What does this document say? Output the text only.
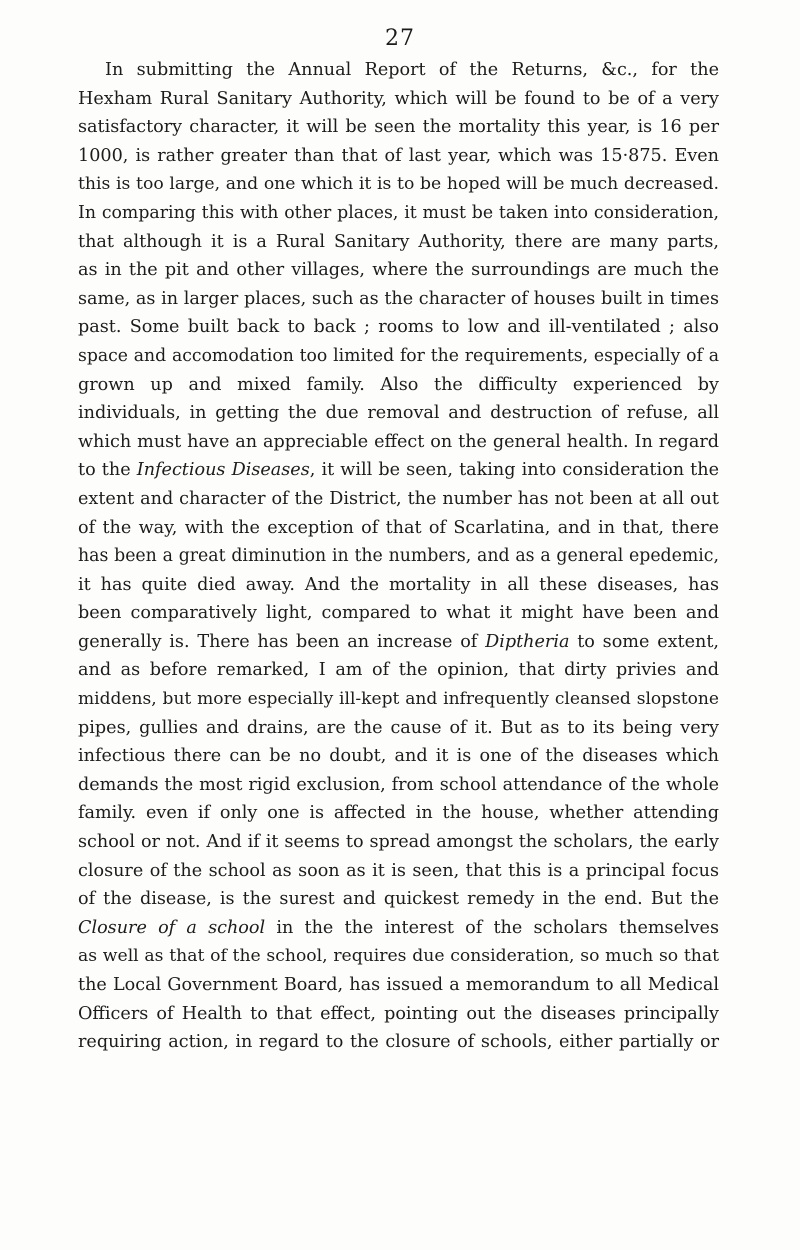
27
In submitting the Annual Report of the Returns, &c., for the
Hexham Rural Sanitary Authority, which will be found to be of a very
satisfactory character, it will be seen the mortality this year, is 16 per
1000, is rather greater than that of last year, which was 15·875. Even
this is too large, and one which it is to be hoped will be much decreased.
In comparing this with other places, it must be taken into consideration,
that although it is a Rural Sanitary Authority, there are many parts,
as in the pit and other villages, where the surroundings are much the
same, as in larger places, such as the character of houses built in times
past. Some built back to back ; rooms to low and ill-ventilated ; also
space and accomodation too limited for the requirements, especially of a
grown up and mixed family. Also the difficulty experienced by
individuals, in getting the due removal and destruction of refuse, all
which must have an appreciable effect on the general health. In regard
to the Infectious Diseases, it will be seen, taking into consideration the
extent and character of the District, the number has not been at all out
of the way, with the exception of that of Scarlatina, and in that, there
has been a great diminution in the numbers, and as a general epedemic,
it has quite died away. And the mortality in all these diseases, has
been comparatively light, compared to what it might have been and
generally is. There has been an increase of Diptheria to some extent,
and as before remarked, I am of the opinion, that dirty privies and
middens, but more especially ill-kept and infrequently cleansed slopstone
pipes, gullies and drains, are the cause of it. But as to its being very
infectious there can be no doubt, and it is one of the diseases which
demands the most rigid exclusion, from school attendance of the whole
family. even if only one is affected in the house, whether attending
school or not. And if it seems to spread amongst the scholars, the early
closure of the school as soon as it is seen, that this is a principal focus
of the disease, is the surest and quickest remedy in the end. But the
Closure of a school in the the interest of the scholars themselves
as well as that of the school, requires due consideration, so much so that
the Local Government Board, has issued a memorandum to all Medical
Officers of Health to that effect, pointing out the diseases principally
requiring action, in regard to the closure of schools, either partially or
